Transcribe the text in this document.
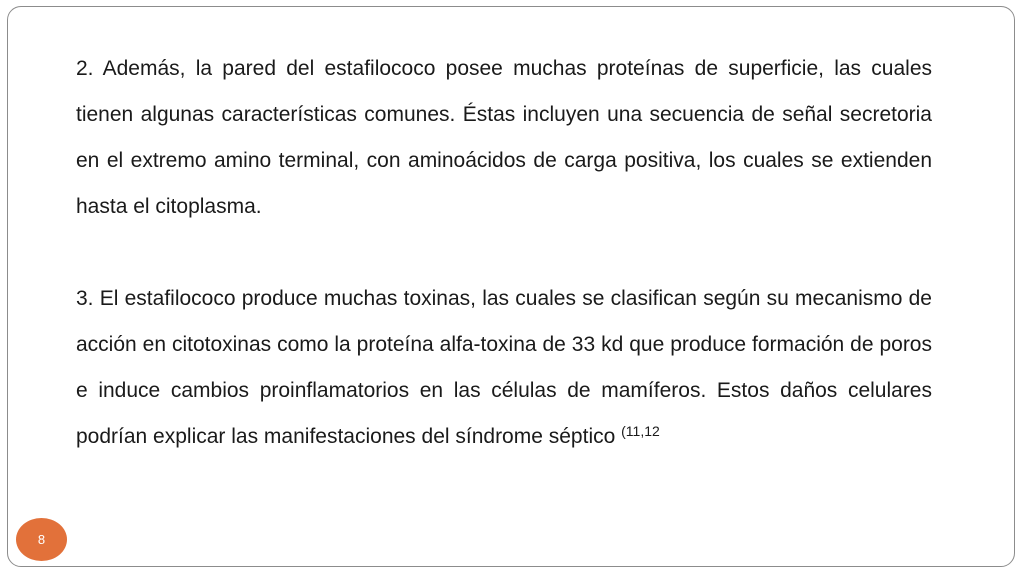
2. Además, la pared del estafilococo posee muchas proteínas de superficie, las cuales tienen algunas características comunes. Éstas incluyen una secuencia de señal secretoria en el extremo amino terminal, con aminoácidos de carga positiva, los cuales se extienden hasta el citoplasma.

3. El estafilococo produce muchas toxinas, las cuales se clasifican según su mecanismo de acción en citotoxinas como la proteína alfa-toxina de 33 kd que produce formación de poros e induce cambios proinflamatorios en las células de mamíferos. Estos daños celulares podrían explicar las manifestaciones del síndrome séptico $^{(11,12}$

8
